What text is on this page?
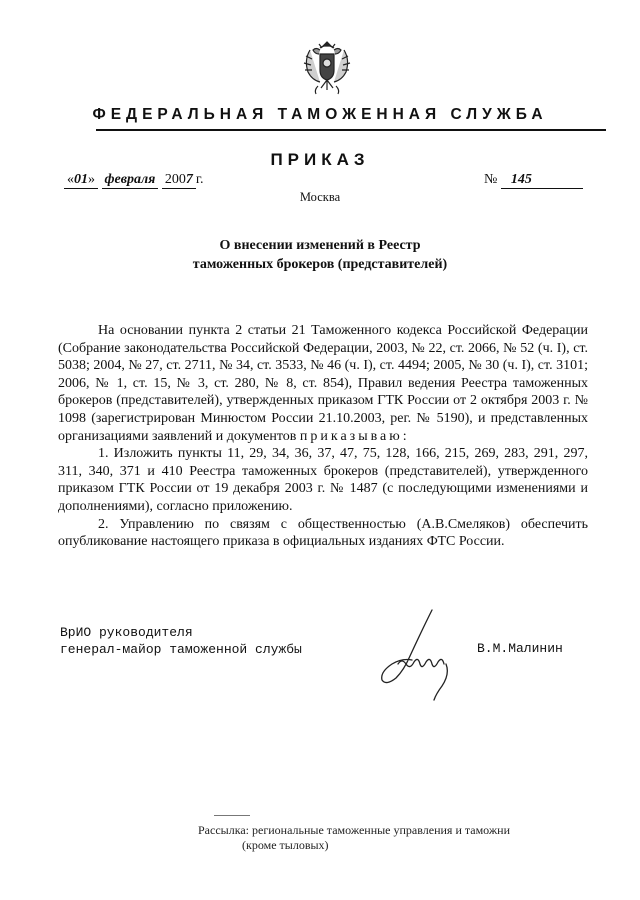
ФЕДЕРАЛЬНАЯ ТАМОЖЕННАЯ СЛУЖБА
ПРИКАЗ
«01» февраля 2007 г.	№ 145
Москва
О внесении изменений в Реестр
таможенных брокеров (представителей)

На основании пункта 2 статьи 21 Таможенного кодекса Российской Федерации (Собрание законодательства Российской Федерации, 2003, № 22, ст. 2066, № 52 (ч. I), ст. 5038; 2004, № 27, ст. 2711, № 34, ст. 3533, № 46 (ч. I), ст. 4494; 2005, № 30 (ч. I), ст. 3101; 2006, № 1, ст. 15, № 3, ст. 280, № 8, ст. 854), Правил ведения Реестра таможенных брокеров (представителей), утвержденных приказом ГТК России от 2 октября 2003 г. № 1098 (зарегистрирован Минюстом России 21.10.2003, рег. № 5190), и представленных организациями заявлений и документов приказываю:

1. Изложить пункты 11, 29, 34, 36, 37, 47, 75, 128, 166, 215, 269, 283, 291, 297, 311, 340, 371 и 410 Реестра таможенных брокеров (представителей), утвержденного приказом ГТК России от 19 декабря 2003 г. № 1487 (с последующими изменениями и дополнениями), согласно приложению.

2. Управлению по связям с общественностью (А.В.Смеляков) обеспечить опубликование настоящего приказа в официальных изданиях ФТС России.

ВрИО руководителя
генерал-майор таможенной службы	В.М.Малинин
Рассылка: региональные таможенные управления и таможни
(кроме тыловых)
